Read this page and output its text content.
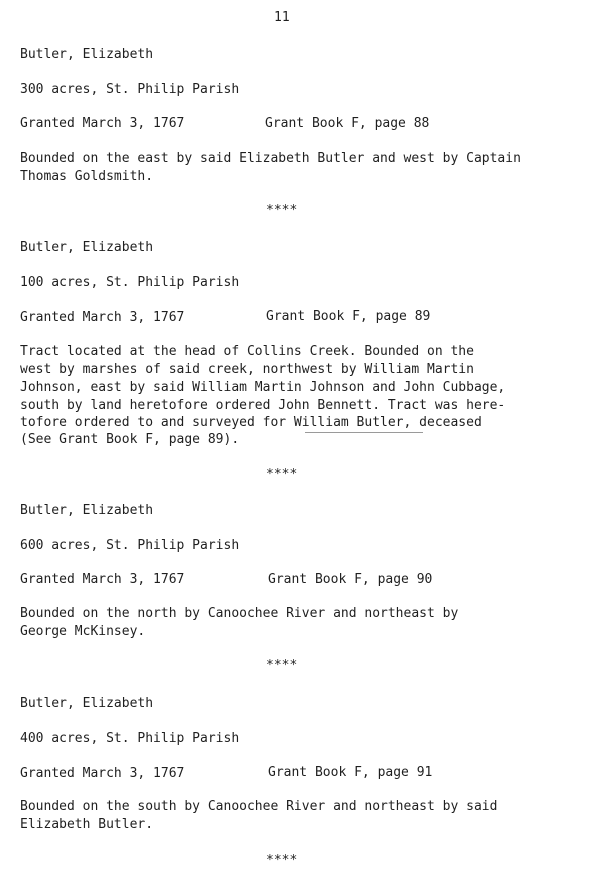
11
Butler, Elizabeth
300 acres, St. Philip Parish
Granted March 3, 1767	Grant Book F, page 88
Bounded on the east by said Elizabeth Butler and west by Captain
Thomas Goldsmith.
****
Butler, Elizabeth
100 acres, St. Philip Parish
Granted March 3, 1767	Grant Book F, page 89
Tract located at the head of Collins Creek. Bounded on the
west by marshes of said creek, northwest by William Martin
Johnson, east by said William Martin Johnson and John Cubbage,
south by land heretofore ordered John Bennett. Tract was here-
tofore ordered to and surveyed for William Butler, deceased
(See Grant Book F, page 89).
****
Butler, Elizabeth
600 acres, St. Philip Parish
Granted March 3, 1767	Grant Book F, page 90
Bounded on the north by Canoochee River and northeast by
George McKinsey.
****
Butler, Elizabeth
400 acres, St. Philip Parish
Granted March 3, 1767	Grant Book F, page 91
Bounded on the south by Canoochee River and northeast by said
Elizabeth Butler.
****
